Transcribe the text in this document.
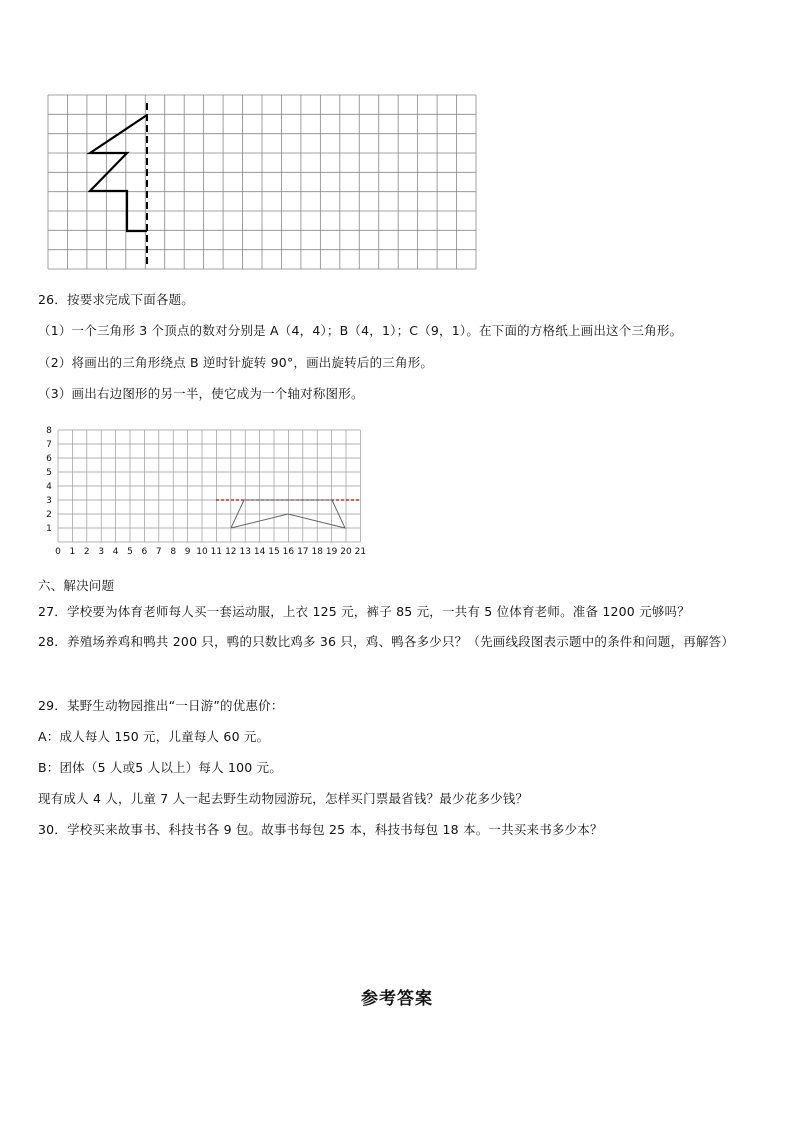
26．按要求完成下面各题。
（1）一个三角形 3 个顶点的数对分别是 A（4，4）；B（4，1）；C（9，1）。在下面的方格纸上画出这个三角形。
（2）将画出的三角形绕点 B 逆时针旋转 90°，画出旋转后的三角形。
（3）画出右边图形的另一半，使它成为一个轴对称图形。
0 1 2 3 4 5 6 7 8 9 10 11 12 13 14 15 16 17 18 19 20 21
1
2
3
4
5
6
7
8
六、解决问题
27．学校要为体育老师每人买一套运动服，上衣 125 元，裤子 85 元，一共有 5 位体育老师。准备 1200 元够吗？
28．养殖场养鸡和鸭共 200 只，鸭的只数比鸡多 36 只，鸡、鸭各多少只？（先画线段图表示题中的条件和问题，再解答）
29．某野生动物园推出“一日游”的优惠价：
A：成人每人 150 元，儿童每人 60 元。
B：团体（5 人或5 人以上）每人 100 元。
现有成人 4 人，儿童 7 人一起去野生动物园游玩，怎样买门票最省钱？最少花多少钱？
30．学校买来故事书、科技书各 9 包。故事书每包 25 本，科技书每包 18 本。一共买来书多少本？
参考答案
